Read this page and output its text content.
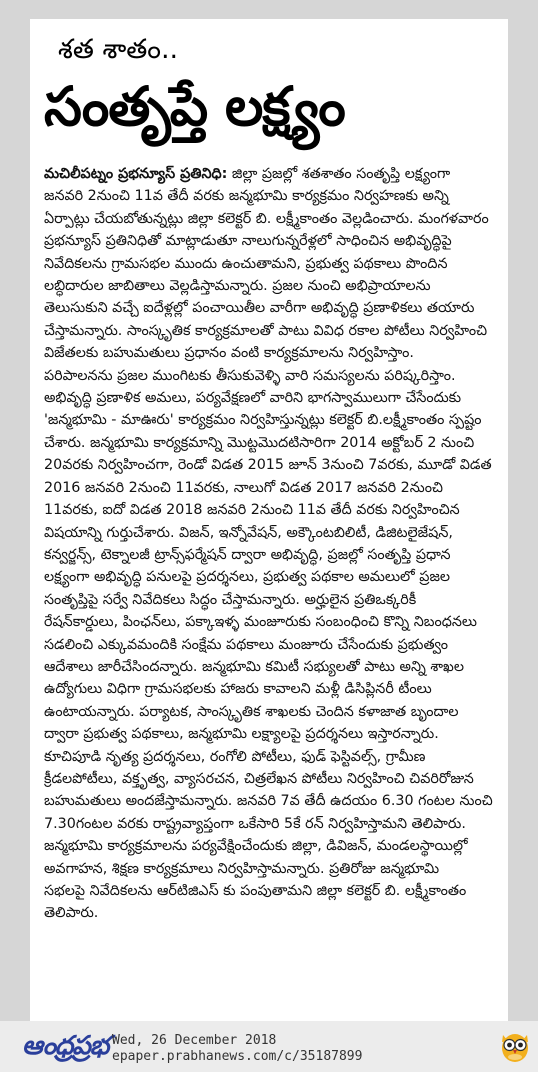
శత శాతం..
సంతృప్తే లక్ష్యం

మచిలీపట్నం ప్రభన్యూస్ ప్రతినిధి: జిల్లా ప్రజల్లో శతశాతం సంతృప్తి లక్ష్యంగా

జనవరి 2నుంచి 11వ తేదీ వరకు జన్మభూమి కార్యక్రమం నిర్వహణకు అన్ని

ఏర్పాట్లు చేయబోతున్నట్లు జిల్లా కలెక్టర్ బి. లక్ష్మీకాంతం వెల్లడించారు. మంగళవారం

ప్రభన్యూస్ ప్రతినిధితో మాట్లాడుతూ నాలుగున్నరేళ్లలో సాధించిన అభివృద్ధిపై

నివేదికలను గ్రామసభల ముందు ఉంచుతామని, ప్రభుత్వ పథకాలు పొందిన

లబ్ధిదారుల జాబితాలు వెల్లడిస్తామన్నారు. ప్రజల నుంచి అభిప్రాయాలను

తెలుసుకుని వచ్చే ఐదేళ్లల్లో పంచాయితీల వారీగా అభివృద్ధి ప్రణాళికలు తయారు

చేస్తామన్నారు. సాంస్కృతిక కార్యక్రమాలతో పాటు వివిధ రకాల పోటీలు నిర్వహించి

విజేతలకు బహుమతులు ప్రధానం వంటి కార్యక్రమాలను నిర్వహిస్తాం.

పరిపాలనను ప్రజల ముంగిటకు తీసుకువెళ్ళి వారి సమస్యలను పరిష్కరిస్తాం.

అభివృద్ధి ప్రణాళిక అమలు, పర్యవేక్షణలో వారిని భాగస్వాములుగా చేసేందుకు

'జన్మభూమి - మాఊరు' కార్యక్రమం నిర్వహిస్తున్నట్లు కలెక్టర్ బి.లక్ష్మీకాంతం స్పష్టం

చేశారు. జన్మభూమి కార్యక్రమాన్ని మొట్టమొదటిసారిగా 2014 అక్టోబర్ 2 నుంచి

20వరకు నిర్వహించగా, రెండో విడత 2015 జూన్ 3నుంచి 7వరకు, మూడో విడత

2016 జనవరి 2నుంచి 11వరకు, నాలుగో విడత 2017 జనవరి 2నుంచి

11వరకు, ఐదో విడత 2018 జనవరి 2నుంచి 11వ తేదీ వరకు నిర్వహించిన

విషయాన్ని గుర్తుచేశారు. విజన్, ఇన్నోవేషన్, అక్కౌంటబిలిటీ, డిజిటలైజేషన్,

కన్వర్జన్స్, టెక్నాలజీ ట్రాన్స్‌ఫర్మేషన్ ద్వారా అభివృద్ధి, ప్రజల్లో సంతృప్తి ప్రధాన

లక్ష్యంగా అభివృద్ధి పనులపై ప్రదర్శనలు, ప్రభుత్వ పథకాల అమలులో ప్రజల

సంతృప్తిపై సర్వే నివేదికలు సిద్ధం చేస్తామన్నారు. అర్హులైన ప్రతిఒక్కరికీ

రేషన్‌కార్డులు, పింఛన్‌లు, పక్కాఇళ్ళ మంజూరుకు సంబంధించి కొన్ని నిబంధనలు

సడలించి ఎక్కువమందికి సంక్షేమ పథకాలు మంజూరు చేసేందుకు ప్రభుత్వం

ఆదేశాలు జారీచేసిందన్నారు. జన్మభూమి కమిటీ సభ్యులతో పాటు అన్ని శాఖల

ఉద్యోగులు విధిగా గ్రామసభలకు హాజరు కావాలని మళ్లీ డిసిప్లినరీ టీంలు

ఉంటాయన్నారు. పర్యాటక, సాంస్కృతిక శాఖలకు చెందిన కళాజాత బృందాల

ద్వారా ప్రభుత్వ పథకాలు, జన్మభూమి లక్ష్యాలపై ప్రదర్శనలు ఇస్తారన్నారు.

కూచిపూడి నృత్య ప్రదర్శనలు, రంగోలి పోటీలు, ఫుడ్ ఫెస్టివల్స్, గ్రామీణ

క్రీడలపోటీలు, వక్తృత్వ, వ్యాసరచన, చిత్రలేఖన పోటీలు నిర్వహించి చివరిరోజున

బహుమతులు అందజేస్తామన్నారు. జనవరి 7వ తేదీ ఉదయం 6.30 గంటల నుంచి

7.30గంటల వరకు రాష్ట్రవ్యాప్తంగా ఒకేసారి 5కే రన్ నిర్వహిస్తామని తెలిపారు.

జన్మభూమి కార్యక్రమాలను పర్యవేక్షించేందుకు జిల్లా, డివిజన్, మండలస్థాయిల్లో

అవగాహన, శిక్షణ కార్యక్రమాలు నిర్వహిస్తామన్నారు. ప్రతిరోజు జన్మభూమి

సభలపై నివేదికలను ఆర్‌టిజిఎస్ కు పంపుతామని జిల్లా కలెక్టర్ బి. లక్ష్మీకాంతం

తెలిపారు.

ఆంధ్రప్రభ Wed, 26 December 2018
epaper.prabhanews.com/c/35187899
